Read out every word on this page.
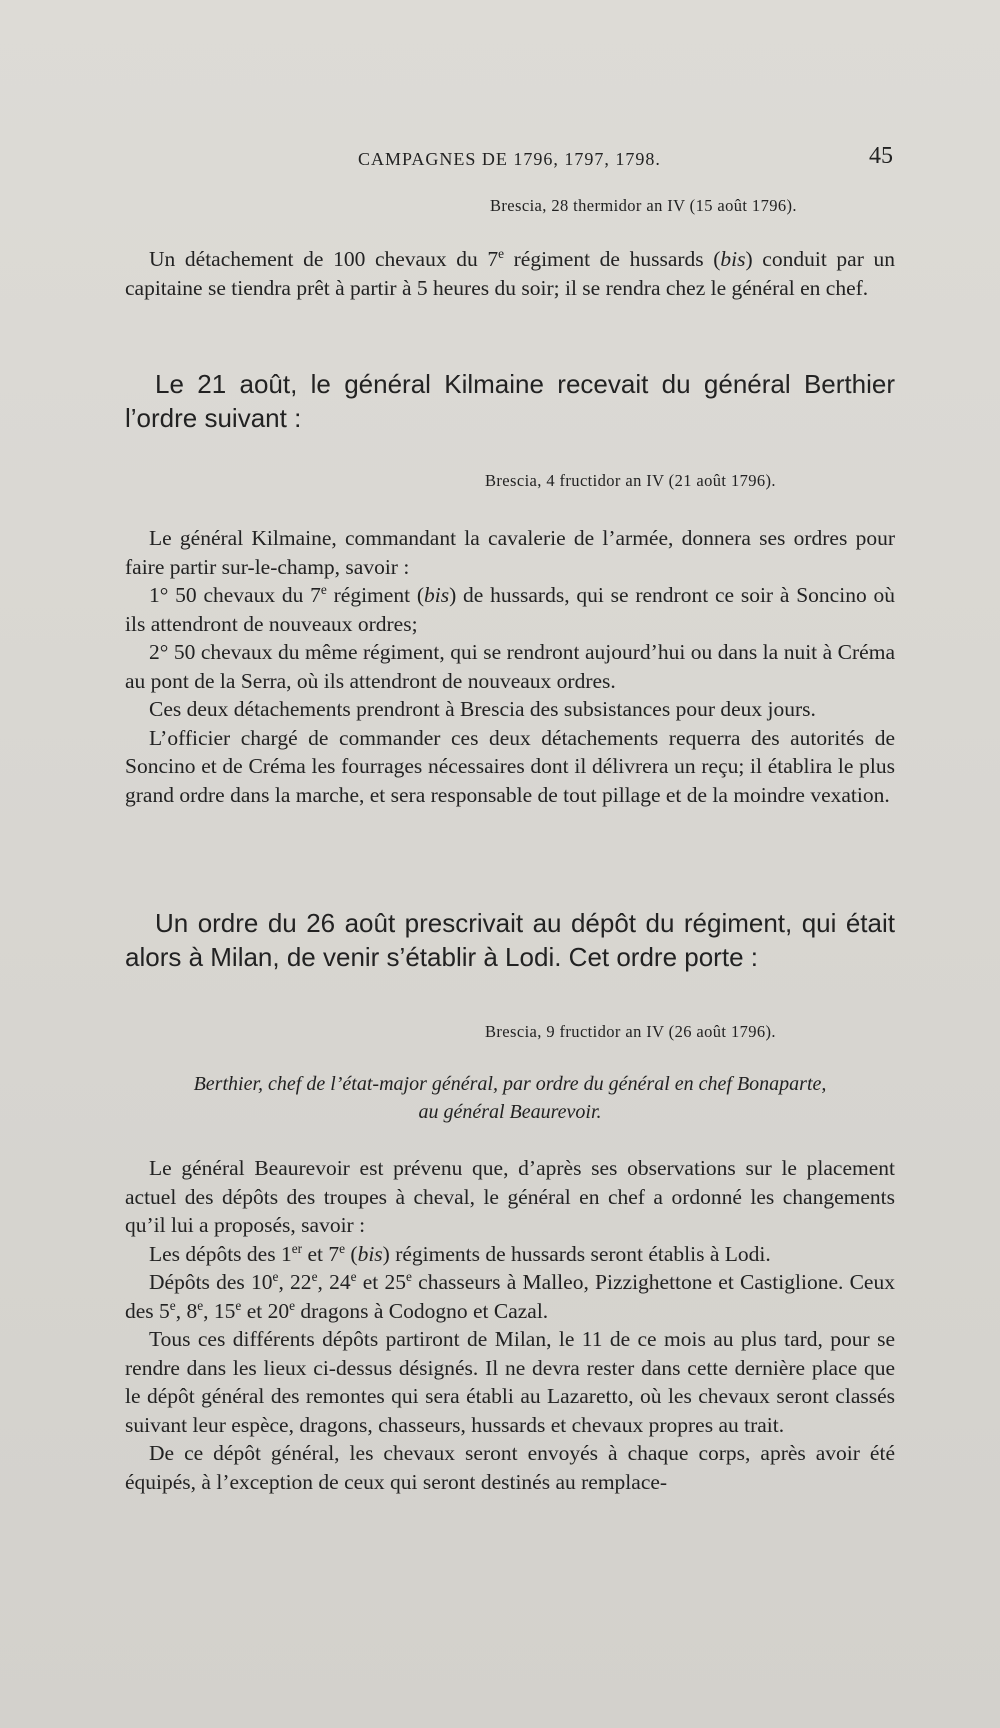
CAMPAGNES DE 1796, 1797, 1798.	45
Brescia, 28 thermidor an IV (15 août 1796).

Un détachement de 100 chevaux du 7e régiment de hussards (bis) conduit par un capitaine se tiendra prêt à partir à 5 heures du soir; il se rendra chez le général en chef.

Le 21 août, le général Kilmaine recevait du général Berthier l’ordre suivant :

Brescia, 4 fructidor an IV (21 août 1796).

Le général Kilmaine, commandant la cavalerie de l’armée, donnera ses ordres pour faire partir sur-le-champ, savoir :

1° 50 chevaux du 7e régiment (bis) de hussards, qui se rendront ce soir à Soncino où ils attendront de nouveaux ordres;

2° 50 chevaux du même régiment, qui se rendront aujourd’hui ou dans la nuit à Créma au pont de la Serra, où ils attendront de nouveaux ordres.

Ces deux détachements prendront à Brescia des subsistances pour deux jours.

L’officier chargé de commander ces deux détachements requerra des autorités de Soncino et de Créma les fourrages nécessaires dont il délivrera un reçu; il établira le plus grand ordre dans la marche, et sera responsable de tout pillage et de la moindre vexation.

Un ordre du 26 août prescrivait au dépôt du régiment, qui était alors à Milan, de venir s’établir à Lodi. Cet ordre porte :

Brescia, 9 fructidor an IV (26 août 1796).
Berthier, chef de l’état-major général, par ordre du général en chef Bonaparte,
au général Beaurevoir.

Le général Beaurevoir est prévenu que, d’après ses observations sur le placement actuel des dépôts des troupes à cheval, le général en chef a ordonné les changements qu’il lui a proposés, savoir :

Les dépôts des 1er et 7e (bis) régiments de hussards seront établis à Lodi.

Dépôts des 10e, 22e, 24e et 25e chasseurs à Malleo, Pizzighettone et Castiglione. Ceux des 5e, 8e, 15e et 20e dragons à Codogno et Cazal.

Tous ces différents dépôts partiront de Milan, le 11 de ce mois au plus tard, pour se rendre dans les lieux ci-dessus désignés. Il ne devra rester dans cette dernière place que le dépôt général des remontes qui sera établi au Lazaretto, où les chevaux seront classés suivant leur espèce, dragons, chasseurs, hussards et chevaux propres au trait.

De ce dépôt général, les chevaux seront envoyés à chaque corps, après avoir été équipés, à l’exception de ceux qui seront destinés au remplace-
